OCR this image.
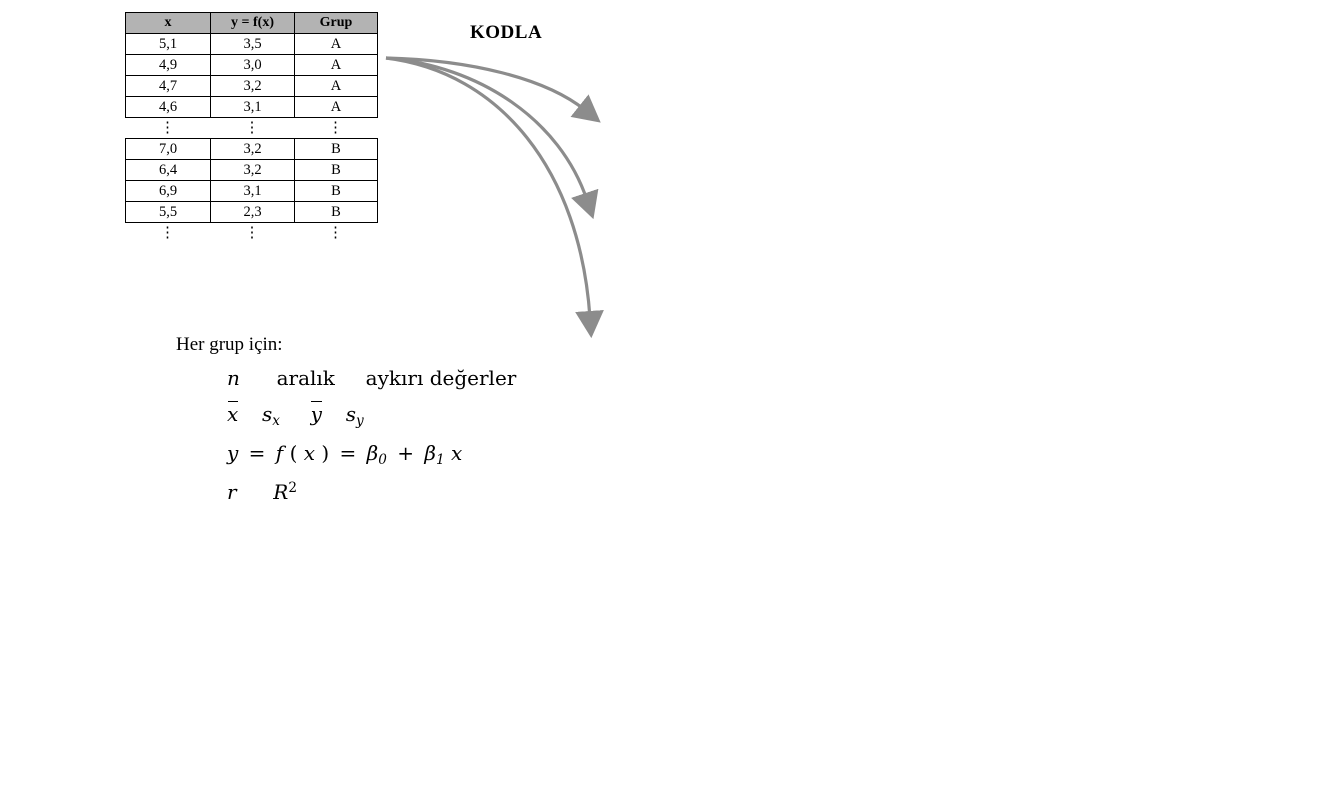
x	y = f(x)	Grup
5,1	3,5	A
4,9	3,0	A
4,7	3,2	A
4,6	3,1	A
⋮	⋮	⋮
7,0	3,2	B
6,4	3,2	B
6,9	3,1	B
5,5	2,3	B
⋮	⋮	⋮
KODLA
Her grup için:
n aralık aykırı değerler
x $s_x$ y $s_y$
y = f ( x ) = $\beta_0 + \beta_1$ x
r $R^2$
